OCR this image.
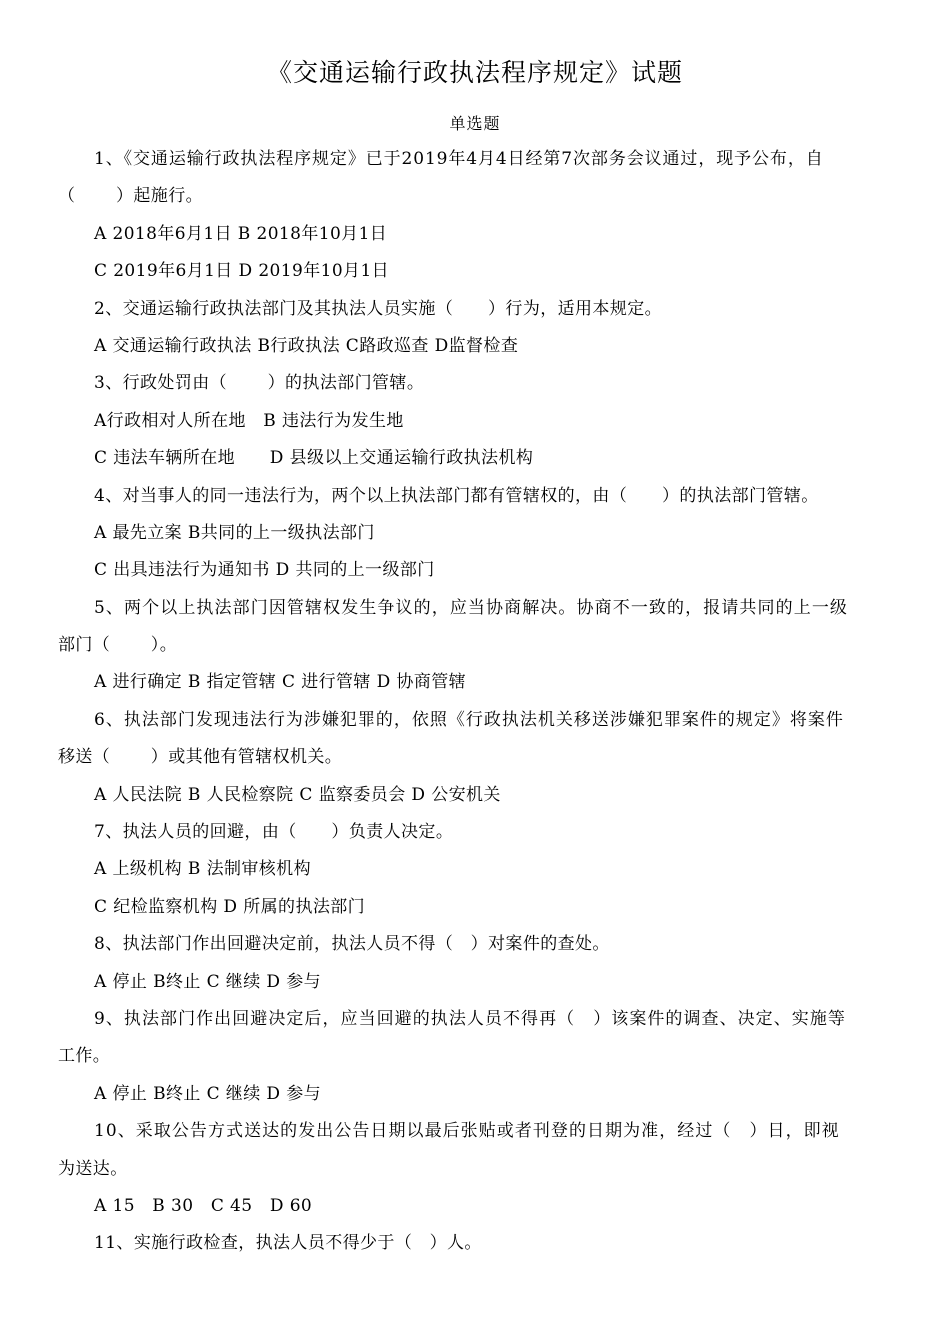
《交通运输行政执法程序规定》试题
单选题
1、《交通运输行政执法程序规定》已于2019年4月4日经第7次部务会议通过，现予公布，自
（　　 ）起施行。
A 2018年6月1日 B 2018年10月1日
C 2019年6月1日 D 2019年10月1日
2、交通运输行政执法部门及其执法人员实施（　　）行为，适用本规定。
A 交通运输行政执法 B行政执法 C路政巡查 D监督检查
3、行政处罚由（　　 ）的执法部门管辖。
A行政相对人所在地　B 违法行为发生地
C 违法车辆所在地　　D 县级以上交通运输行政执法机构
4、对当事人的同一违法行为，两个以上执法部门都有管辖权的，由（　　）的执法部门管辖。
A 最先立案 B共同的上一级执法部门
C 出具违法行为通知书 D 共同的上一级部门
5、两个以上执法部门因管辖权发生争议的，应当协商解决。协商不一致的，报请共同的上一级
部门（　　 ）。
A 进行确定 B 指定管辖 C 进行管辖 D 协商管辖
6、执法部门发现违法行为涉嫌犯罪的，依照《行政执法机关移送涉嫌犯罪案件的规定》将案件
移送（　　 ）或其他有管辖权机关。
A 人民法院 B 人民检察院 C 监察委员会 D 公安机关
7、执法人员的回避，由（　　）负责人决定。
A 上级机构 B 法制审核机构
C 纪检监察机构 D 所属的执法部门
8、执法部门作出回避决定前，执法人员不得（　）对案件的查处。
A 停止 B终止 C 继续 D 参与
9、执法部门作出回避决定后，应当回避的执法人员不得再（　）该案件的调查、决定、实施等
工作。
A 停止 B终止 C 继续 D 参与
10、采取公告方式送达的发出公告日期以最后张贴或者刊登的日期为准，经过（　）日，即视
为送达。
A 15　B 30　C 45　D 60
11、实施行政检查，执法人员不得少于（　）人。
